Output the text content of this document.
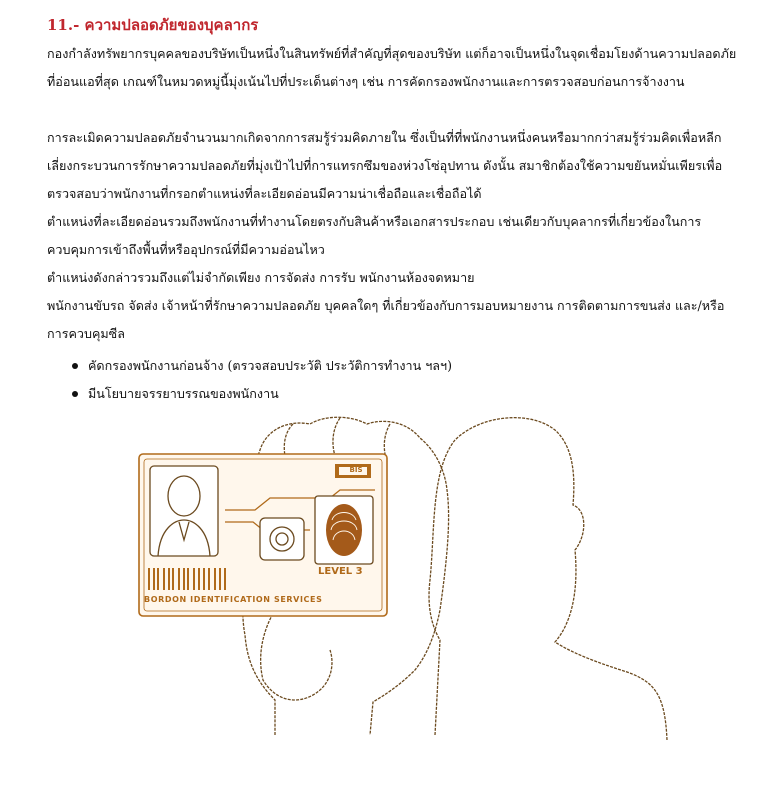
11.- ความปลอดภัยของบุคลากร

กองกำลังทรัพยากรบุคคลของบริษัทเป็นหนึ่งในสินทรัพย์ที่สำคัญที่สุดของบริษัท แต่ก็อาจเป็นหนึ่งในจุดเชื่อมโยงด้านความปลอดภัยที่อ่อนแอที่สุด เกณฑ์ในหมวดหมู่นี้มุ่งเน้นไปที่ประเด็นต่างๆ เช่น การคัดกรองพนักงานและการตรวจสอบก่อนการจ้างงาน

การละเมิดความปลอดภัยจำนวนมากเกิดจากการสมรู้ร่วมคิดภายใน ซึ่งเป็นที่ที่พนักงานหนึ่งคนหรือมากกว่าสมรู้ร่วมคิดเพื่อหลีกเลี่ยงกระบวนการรักษาความปลอดภัยที่มุ่งเป้าไปที่การแทรกซึมของห่วงโซ่อุปทาน ดังนั้น สมาชิกต้องใช้ความขยันหมั่นเพียรเพื่อตรวจสอบว่าพนักงานที่กรอกตำแหน่งที่ละเอียดอ่อนมีความน่าเชื่อถือและเชื่อถือได้

ตำแหน่งที่ละเอียดอ่อนรวมถึงพนักงานที่ทำงานโดยตรงกับสินค้าหรือเอกสารประกอบ เช่นเดียวกับบุคลากรที่เกี่ยวข้องในการควบคุมการเข้าถึงพื้นที่หรืออุปกรณ์ที่มีความอ่อนไหว

ตำแหน่งดังกล่าวรวมถึงแต่ไม่จำกัดเพียง การจัดส่ง การรับ พนักงานห้องจดหมาย

พนักงานขับรถ จัดส่ง เจ้าหน้าที่รักษาความปลอดภัย บุคคลใดๆ ที่เกี่ยวข้องกับการมอบหมายงาน การติดตามการขนส่ง และ/หรือการควบคุมซีล

คัดกรองพนักงานก่อนจ้าง (ตรวจสอบประวัติ ประวัติการทำงาน ฯลฯ)
มีนโยบายจรรยาบรรณของพนักงาน
BIS
LEVEL 3
BORDON IDENTIFICATION SERVICES
